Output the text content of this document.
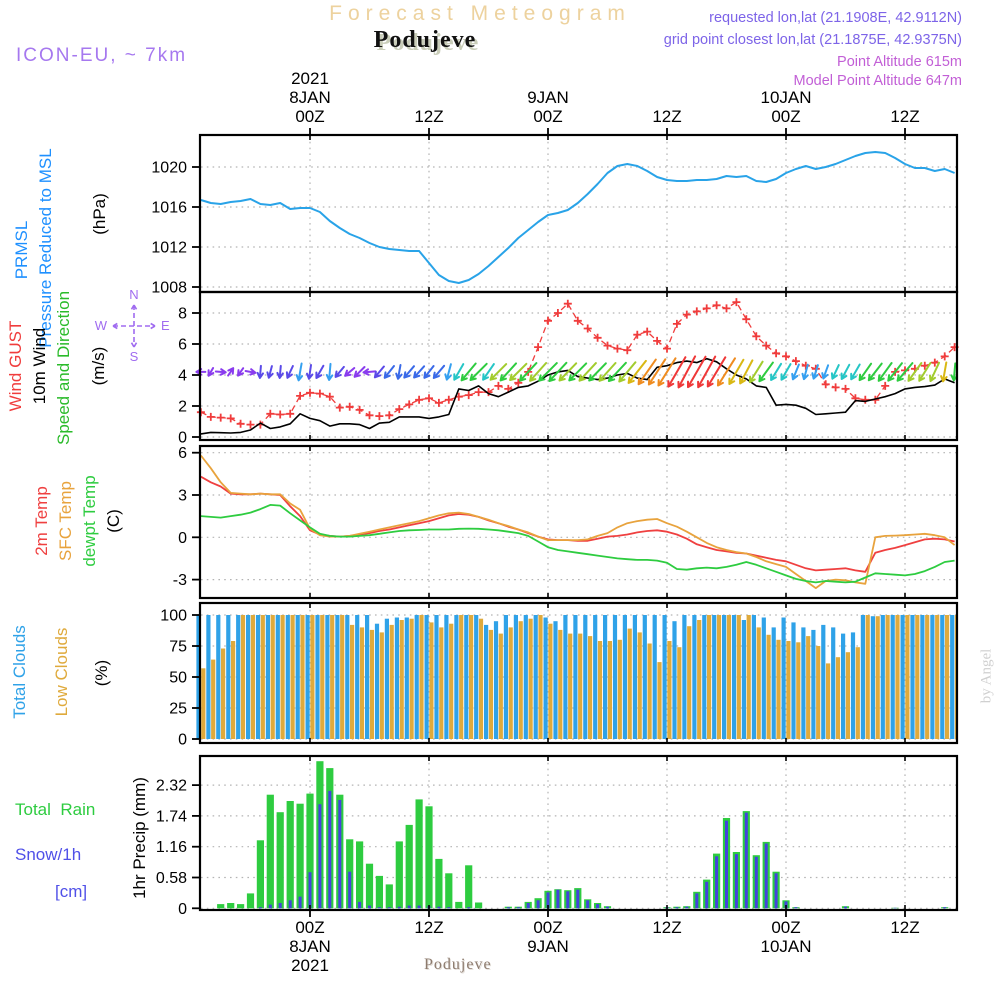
1008
1012
1016
1020
0
2
4
6
8
-3
0
3
6
0
25
50
75
100
0
0.58
1.16
1.74
2.32
2021
8JAN
00Z
00Z
8JAN
2021
12Z
12Z
9JAN
00Z
00Z
9JAN
12Z
12Z
10JAN
00Z
00Z
10JAN
12Z
12Z
N
S
W	E
Forecast Meteogram
Podujeve
requested lon,lat (21.1908E, 42.9112N)
grid point closest lon,lat (21.1875E, 42.9375N)
Point Altitude 615m
Model Point Altitude 647m
ICON-EU, ~ 7km
Podujeve
by Angel
PRMSL Pressure Reduced to MSL (hPa)
Wind GUST 10m Wind Speed and Direction (m/s)
2m Temp SFC Temp dewpt Temp (C)
Total Clouds Low Clouds (%)
Total  Rain
Snow/1h
[cm]	1hr Precip (mm)
